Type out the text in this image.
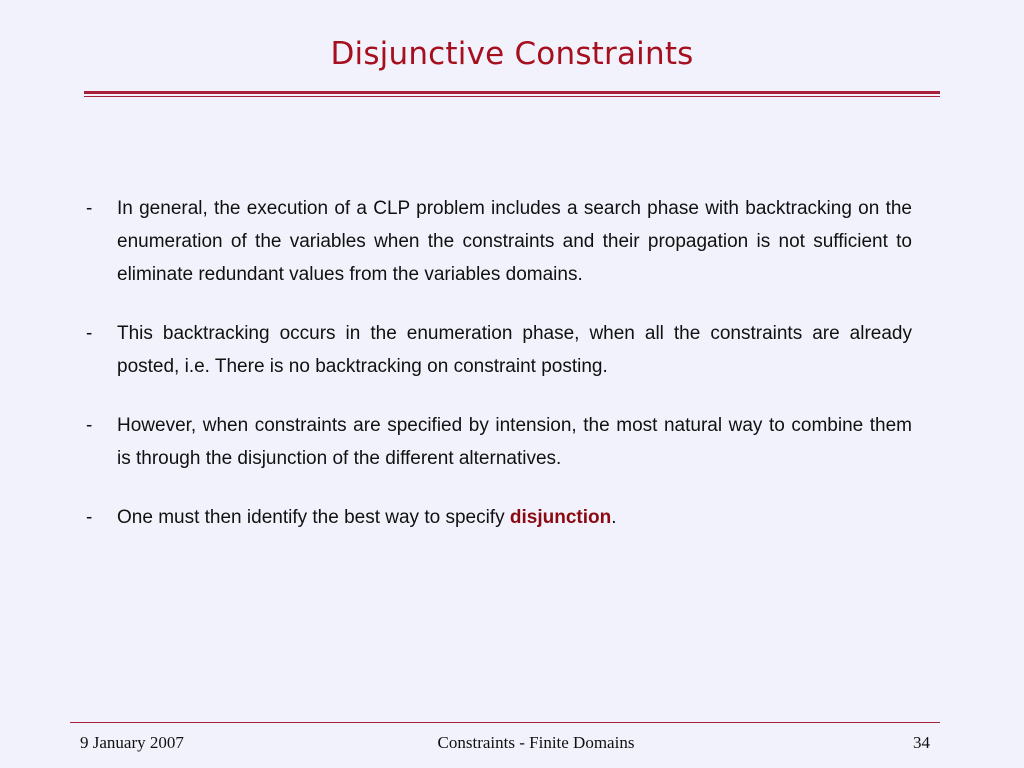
Disjunctive Constraints
- In general, the execution of a CLP problem includes a search phase with backtracking on the enumeration of the variables when the constraints and their propagation is not sufficient to eliminate redundant values from the variables domains.
- This backtracking occurs in the enumeration phase, when all the constraints are already posted, i.e. There is no backtracking on constraint posting.
- However, when constraints are specified by intension, the most natural way to combine them is through the disjunction of the different alternatives.
- One must then identify the best way to specify disjunction.
9 January 2007	Constraints - Finite Domains	34
